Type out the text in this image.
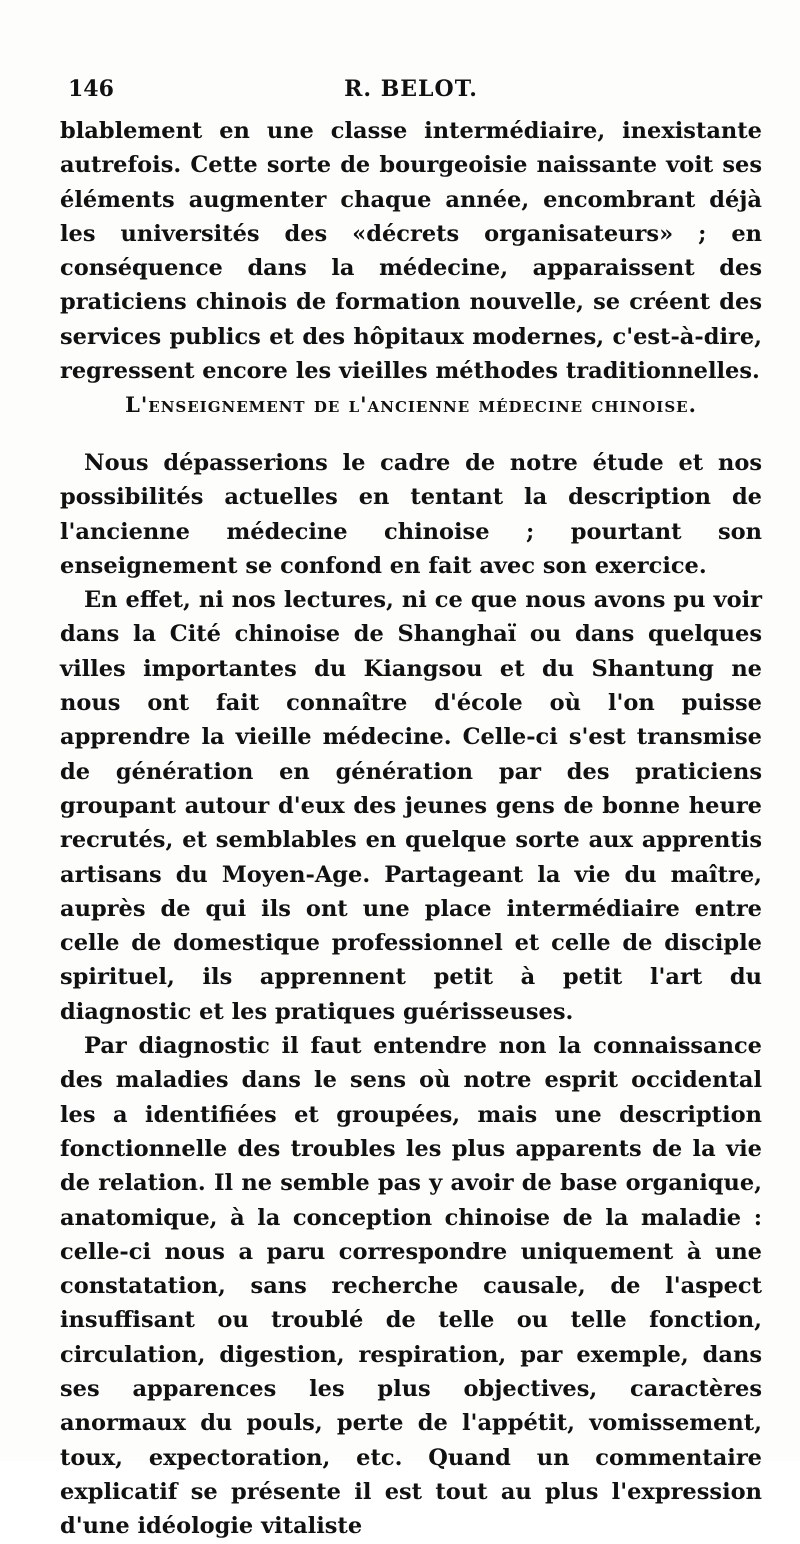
146	R. BELOT.

blablement en une classe intermédiaire, inexistante autrefois. Cette sorte de bourgeoisie naissante voit ses éléments augmenter chaque année, encombrant déjà les universités des «décrets organisateurs» ; en conséquence dans la médecine, apparaissent des praticiens chinois de formation nouvelle, se créent des services publics et des hôpitaux modernes, c'est-à-dire, regressent encore les vieilles méthodes traditionnelles.

L'enseignement de l'ancienne médecine chinoise.

Nous dépasserions le cadre de notre étude et nos possibilités actuelles en tentant la description de l'ancienne médecine chinoise ; pourtant son enseignement se confond en fait avec son exercice.

En effet, ni nos lectures, ni ce que nous avons pu voir dans la Cité chinoise de Shanghaï ou dans quelques villes importantes du Kiangsou et du Shantung ne nous ont fait connaître d'école où l'on puisse apprendre la vieille médecine. Celle-ci s'est transmise de génération en génération par des praticiens groupant autour d'eux des jeunes gens de bonne heure recrutés, et semblables en quelque sorte aux apprentis artisans du Moyen-Age. Partageant la vie du maître, auprès de qui ils ont une place intermédiaire entre celle de domestique professionnel et celle de disciple spirituel, ils apprennent petit à petit l'art du diagnostic et les pratiques guérisseuses.

Par diagnostic il faut entendre non la connaissance des maladies dans le sens où notre esprit occidental les a identifiées et groupées, mais une description fonctionnelle des troubles les plus apparents de la vie de relation. Il ne semble pas y avoir de base organique, anatomique, à la conception chinoise de la maladie : celle-ci nous a paru correspondre uniquement à une constatation, sans recherche causale, de l'aspect insuffisant ou troublé de telle ou telle fonction, circulation, digestion, respiration, par exemple, dans ses apparences les plus objectives, caractères anormaux du pouls, perte de l'appétit, vomissement, toux, expectoration, etc. Quand un commentaire explicatif se présente il est tout au plus l'expression d'une idéologie vitaliste
